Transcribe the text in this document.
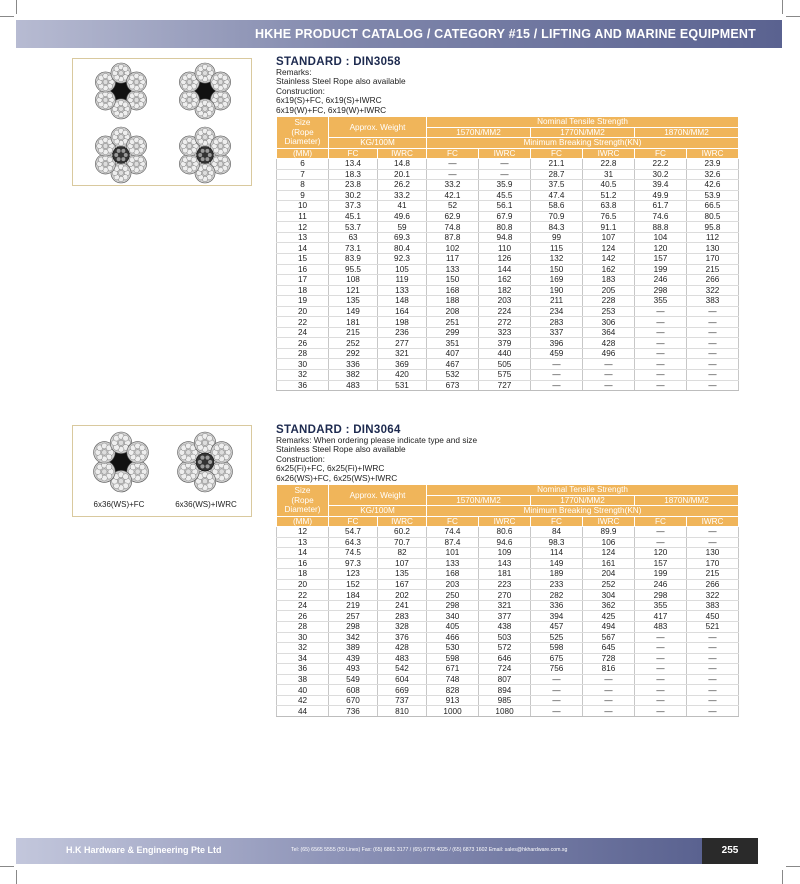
HKHE PRODUCT CATALOG / CATEGORY #15 / LIFTING AND MARINE EQUIPMENT
6x36(WS)+FC	6x36(WS)+IWRC
STANDARD : DIN3058
Remarks:
Stainless Steel Rope also available
Construction:
6x19(S)+FC, 6x19(S)+IWRC
6x19(W)+FC, 6x19(W)+IWRC
Size
(Rope
Diameter)	Approx. Weight		Nominal Tensile Strength					
			1570N/MM2		1770N/MM2		1870N/MM2	
	KG/100M		Minimum Breaking Strength(KN)					
(MM)	FC	IWRC	FC	IWRC	FC	IWRC	FC	IWRC
6	13.4	14.8	—	—	21.1	22.8	22.2	23.9
7	18.3	20.1	—	—	28.7	31	30.2	32.6
8	23.8	26.2	33.2	35.9	37.5	40.5	39.4	42.6
9	30.2	33.2	42.1	45.5	47.4	51.2	49.9	53.9
10	37.3	41	52	56.1	58.6	63.8	61.7	66.5
11	45.1	49.6	62.9	67.9	70.9	76.5	74.6	80.5
12	53.7	59	74.8	80.8	84.3	91.1	88.8	95.8
13	63	69.3	87.8	94.8	99	107	104	112
14	73.1	80.4	102	110	115	124	120	130
15	83.9	92.3	117	126	132	142	157	170
16	95.5	105	133	144	150	162	199	215
17	108	119	150	162	169	183	246	266
18	121	133	168	182	190	205	298	322
19	135	148	188	203	211	228	355	383
20	149	164	208	224	234	253	—	—
22	181	198	251	272	283	306	—	—
24	215	236	299	323	337	364	—	—
26	252	277	351	379	396	428	—	—
28	292	321	407	440	459	496	—	—
30	336	369	467	505	—	—	—	—
32	382	420	532	575	—	—	—	—
36	483	531	673	727	—	—	—	—
STANDARD : DIN3064
Remarks: When ordering please indicate type and size
Stainless Steel Rope also available
Construction:
6x25(Fi)+FC, 6x25(Fi)+IWRC
6x26(WS)+FC, 6x25(WS)+IWRC
Size
(Rope
Diameter)	Approx. Weight		Nominal Tensile Strength					
			1570N/MM2		1770N/MM2		1870N/MM2	
	KG/100M		Minimum Breaking Strength(KN)					
(MM)	FC	IWRC	FC	IWRC	FC	IWRC	FC	IWRC
12	54.7	60.2	74.4	80.6	84	89.9	—	—
13	64.3	70.7	87.4	94.6	98.3	106	—	—
14	74.5	82	101	109	114	124	120	130
16	97.3	107	133	143	149	161	157	170
18	123	135	168	181	189	204	199	215
20	152	167	203	223	233	252	246	266
22	184	202	250	270	282	304	298	322
24	219	241	298	321	336	362	355	383
26	257	283	340	377	394	425	417	450
28	298	328	405	438	457	494	483	521
30	342	376	466	503	525	567	—	—
32	389	428	530	572	598	645	—	—
34	439	483	598	646	675	728	—	—
36	493	542	671	724	756	816	—	—
38	549	604	748	807	—	—	—	—
40	608	669	828	894	—	—	—	—
42	670	737	913	985	—	—	—	—
44	736	810	1000	1080	—	—	—	—
H.K Hardware & Engineering Pte Ltd	Tel: (65) 6565 5555 (50 Lines) Fax: (65) 6861 3177 / (65) 6778 4025 / (65) 6873 1602 Email: sales@hkhardware.com.sg	255
